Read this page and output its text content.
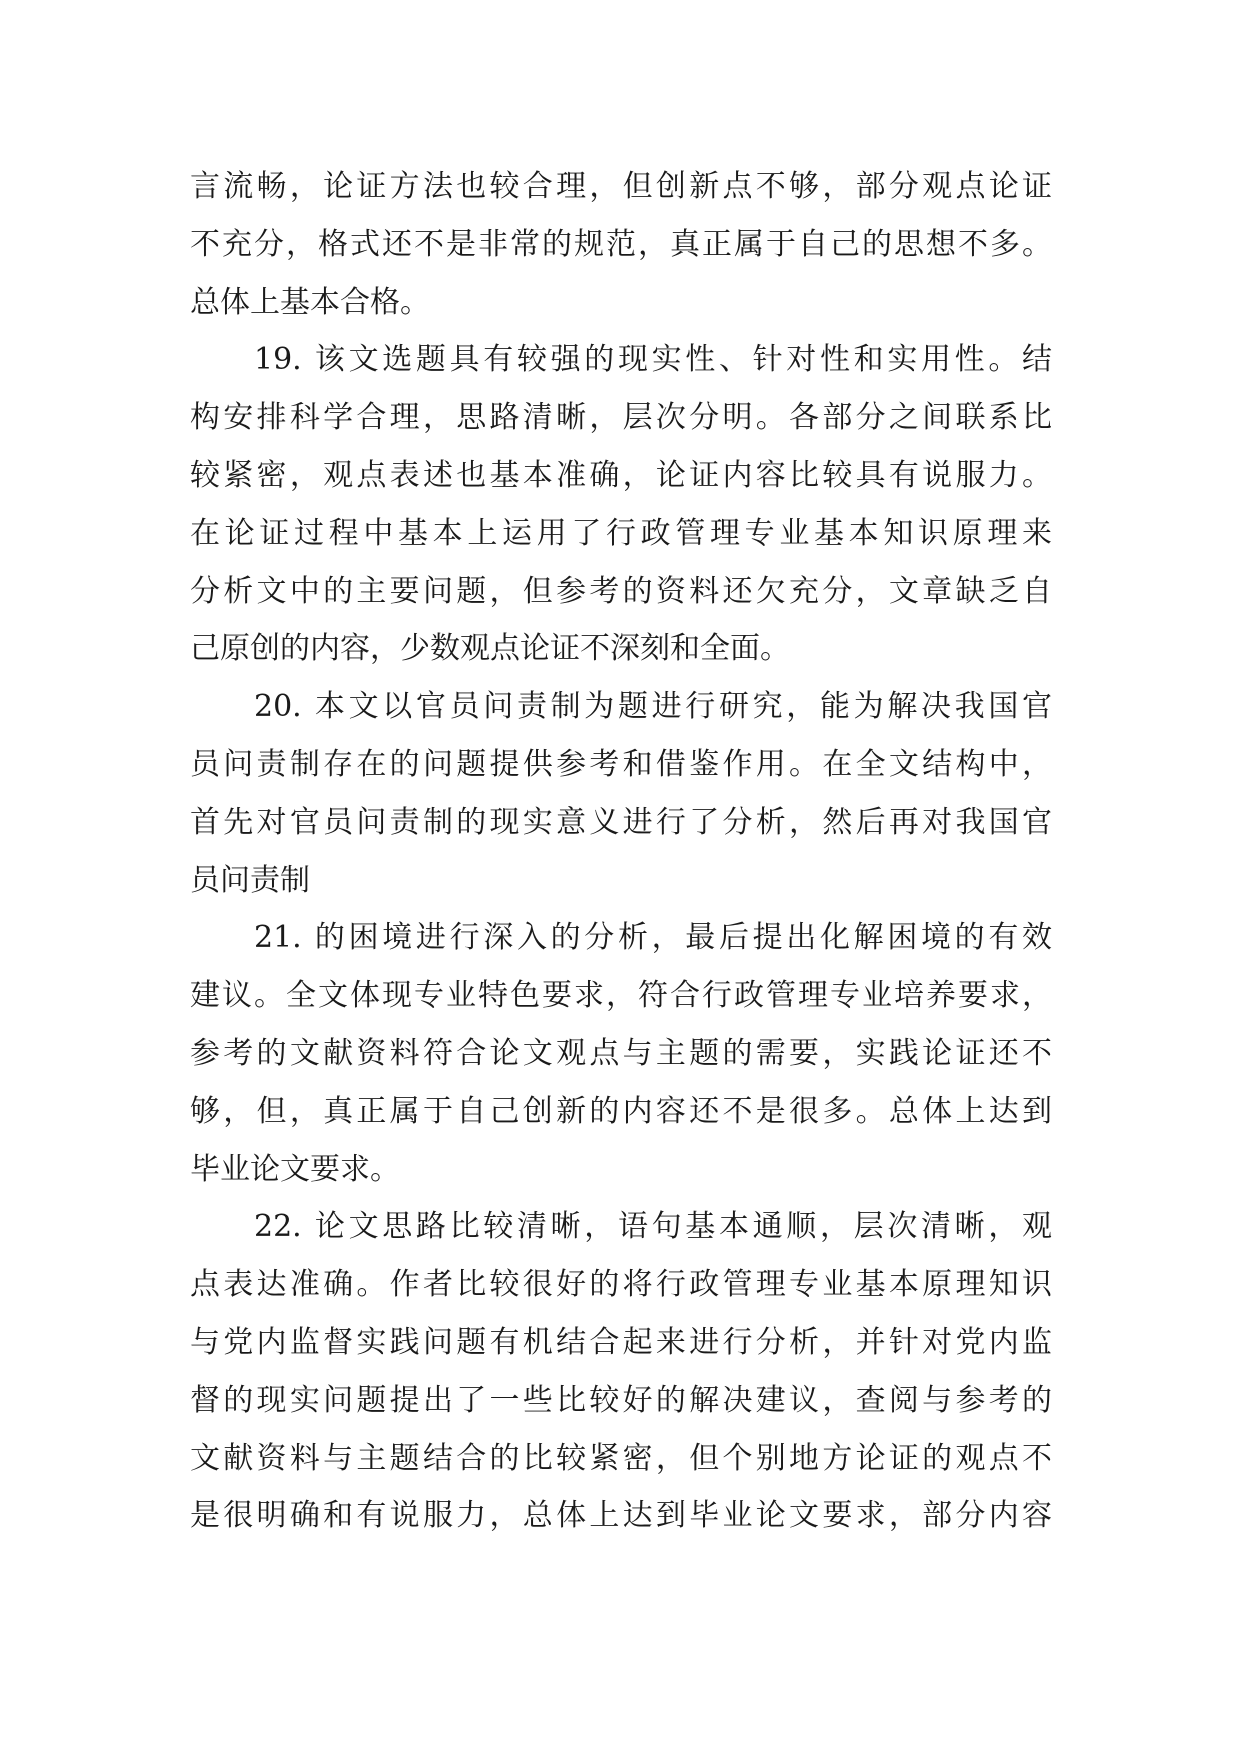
言流畅，论证方法也较合理，但创新点不够，部分观点论证
不充分，格式还不是非常的规范，真正属于自己的思想不多。
总体上基本合格。
19. 该文选题具有较强的现实性、针对性和实用性。结
构安排科学合理，思路清晰，层次分明。各部分之间联系比
较紧密，观点表述也基本准确，论证内容比较具有说服力。
在论证过程中基本上运用了行政管理专业基本知识原理来
分析文中的主要问题，但参考的资料还欠充分，文章缺乏自
己原创的内容，少数观点论证不深刻和全面。
20. 本文以官员问责制为题进行研究，能为解决我国官
员问责制存在的问题提供参考和借鉴作用。在全文结构中，
首先对官员问责制的现实意义进行了分析，然后再对我国官
员问责制
21. 的困境进行深入的分析，最后提出化解困境的有效
建议。全文体现专业特色要求，符合行政管理专业培养要求，
参考的文献资料符合论文观点与主题的需要，实践论证还不
够，但，真正属于自己创新的内容还不是很多。总体上达到
毕业论文要求。
22. 论文思路比较清晰，语句基本通顺，层次清晰，观
点表达准确。作者比较很好的将行政管理专业基本原理知识
与党内监督实践问题有机结合起来进行分析，并针对党内监
督的现实问题提出了一些比较好的解决建议，查阅与参考的
文献资料与主题结合的比较紧密，但个别地方论证的观点不
是很明确和有说服力，总体上达到毕业论文要求，部分内容
